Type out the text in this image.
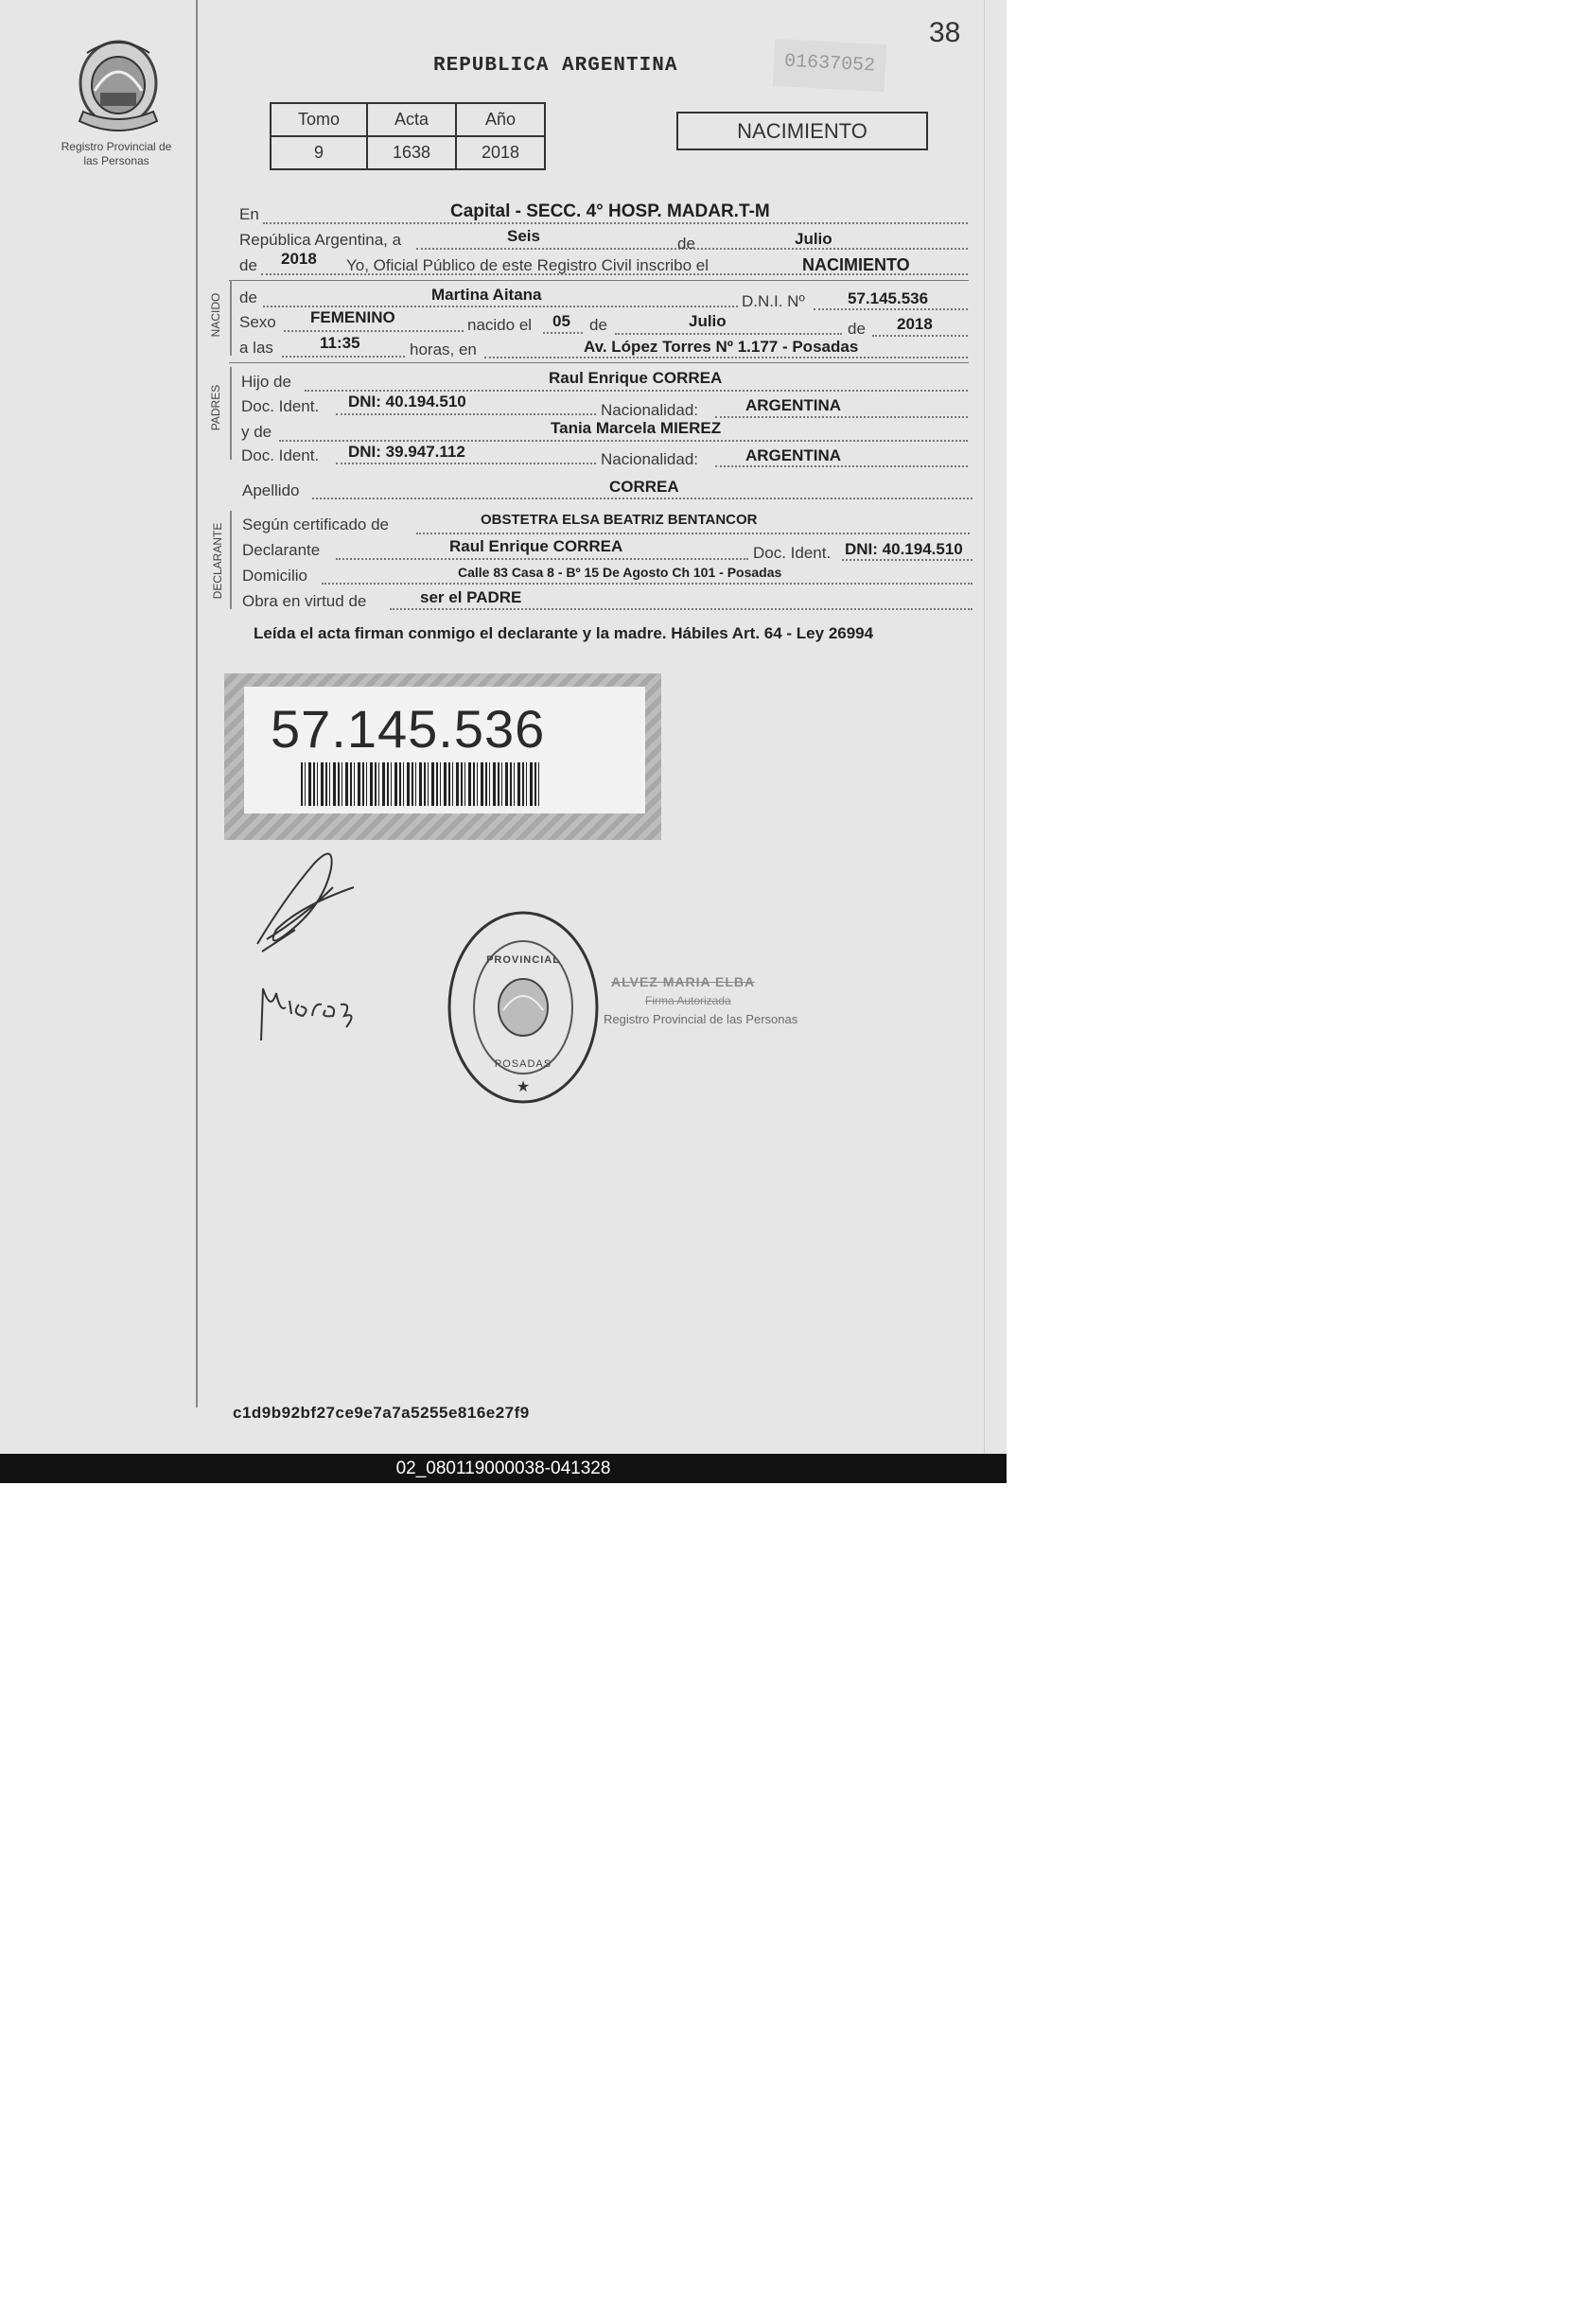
Registro Provincial de las Personas
38
REPUBLICA ARGENTINA	01637052
Tomo	Acta	Año
9	1638	2018
NACIMIENTO
En	Capital - SECC. 4° HOSP. MADAR.T-M
República Argentina, a	Seis	de	Julio
de 2018 Yo, Oficial Público de este Registro Civil inscribo el	NACIMIENTO
NACIDO de	Martina Aitana	D.N.I. Nº	57.145.536
Sexo FEMENINO	nacido el 05 de	Julio	de 2018
a las	11:35	horas, en	Av. López Torres Nº 1.177 - Posadas
PADRES
Hijo de	Raul Enrique CORREA
Doc. Ident. DNI: 40.194.510	Nacionalidad:	ARGENTINA
y de	Tania Marcela MIEREZ
Doc. Ident. DNI: 39.947.112	Nacionalidad:	ARGENTINA
Apellido	CORREA
DECLARANTE Según certificado de	OBSTETRA ELSA BEATRIZ BENTANCOR
Declarante	Raul Enrique CORREA	Doc. Ident. DNI: 40.194.510
Domicilio	Calle 83 Casa 8 - Bº 15 De Agosto Ch 101 - Posadas
Obra en virtud de	ser el PADRE
Leída el acta firman conmigo el declarante y la madre. Hábiles Art. 64 - Ley 26994
57.145.536
★
PROVINCIAL
POSADAS
ALVEZ MARIA ELBA
Firma Autorizada
Registro Provincial de las Personas
c1d9b92bf27ce9e7a7a5255e816e27f9
02_080119000038-041328
